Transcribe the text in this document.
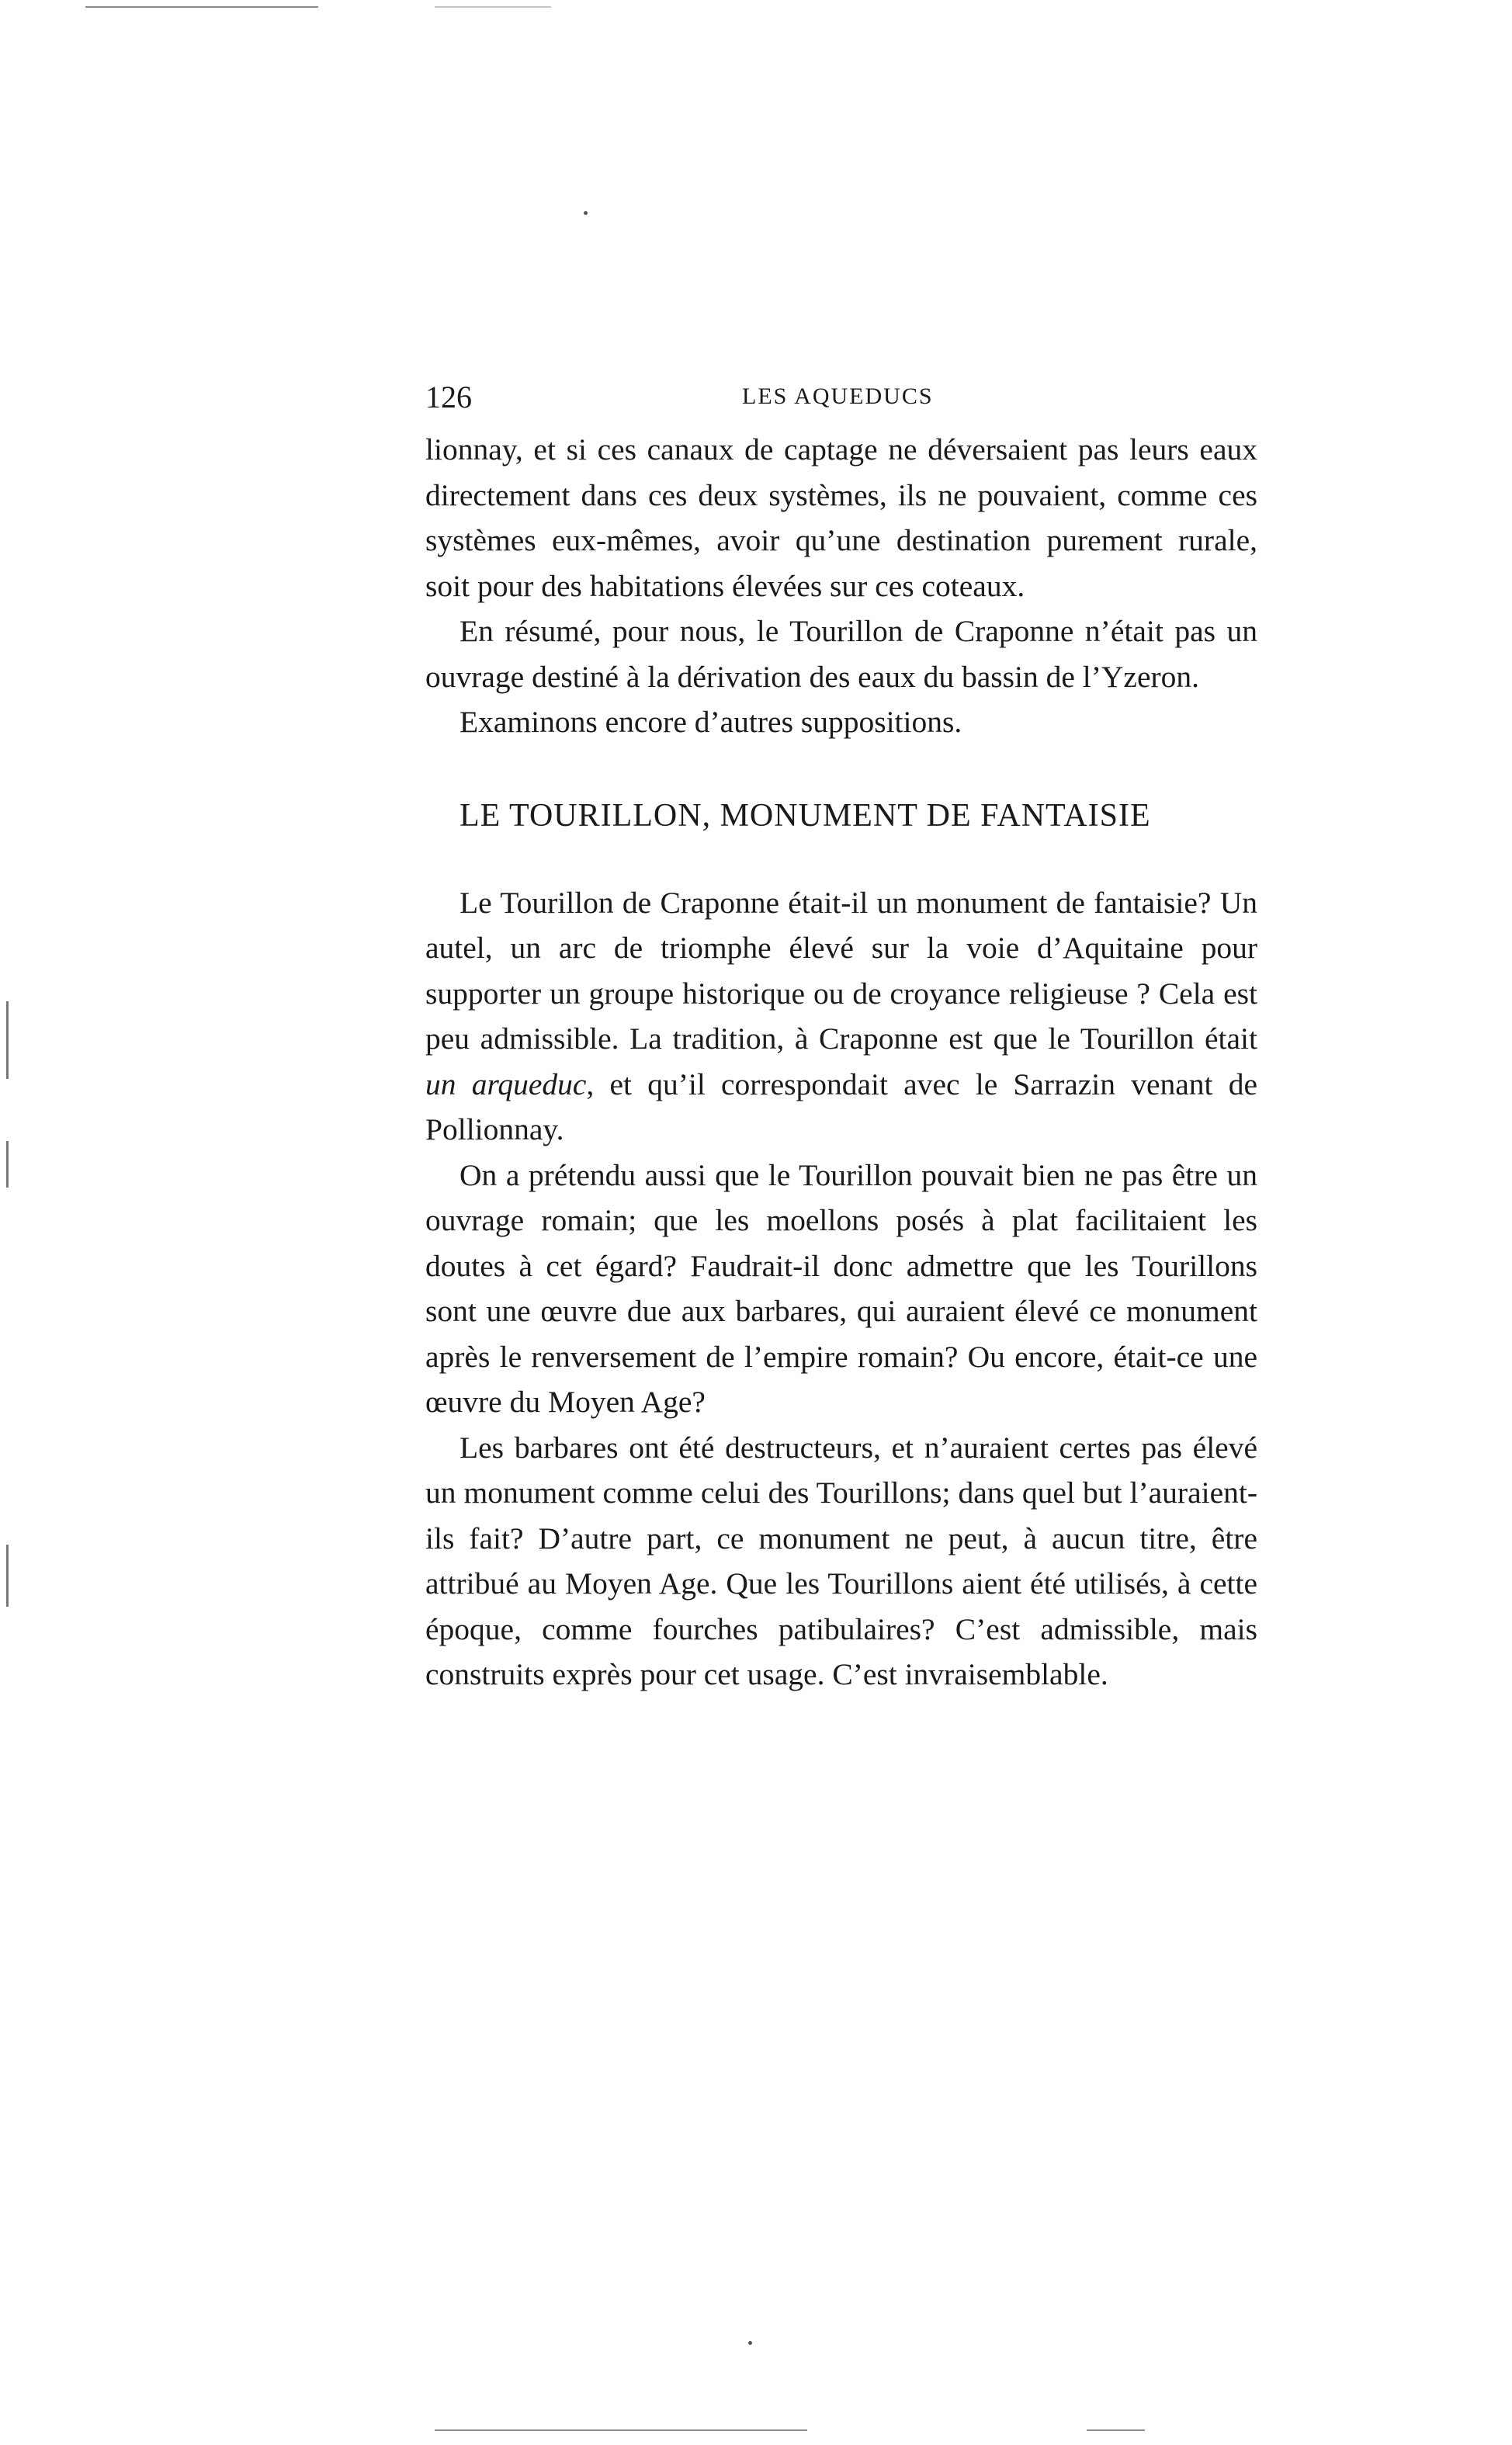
126	LES AQUEDUCS

lionnay, et si ces canaux de captage ne déversaient pas leurs eaux directement dans ces deux systèmes, ils ne pouvaient, comme ces systèmes eux-mêmes, avoir qu’une destination purement rurale, soit pour des habitations élevées sur ces coteaux.

En résumé, pour nous, le Tourillon de Craponne n’était pas un ouvrage destiné à la dérivation des eaux du bassin de l’Yzeron.

Examinons encore d’autres suppositions.

LE TOURILLON, MONUMENT DE FANTAISIE

Le Tourillon de Craponne était-il un monument de fantaisie? Un autel, un arc de triomphe élevé sur la voie d’Aquitaine pour supporter un groupe historique ou de croyance religieuse ? Cela est peu admissible. La tradition, à Craponne est que le Tourillon était un arqueduc, et qu’il correspondait avec le Sarrazin venant de Pollionnay.

On a prétendu aussi que le Tourillon pouvait bien ne pas être un ouvrage romain; que les moellons posés à plat facilitaient les doutes à cet égard? Faudrait-il donc admettre que les Tourillons sont une œuvre due aux barbares, qui auraient élevé ce monument après le renversement de l’empire romain? Ou encore, était-ce une œuvre du Moyen Age?

Les barbares ont été destructeurs, et n’auraient certes pas élevé un monument comme celui des Tourillons; dans quel but l’auraient-ils fait? D’autre part, ce monument ne peut, à aucun titre, être attribué au Moyen Age. Que les Tourillons aient été utilisés, à cette époque, comme fourches patibulaires? C’est admissible, mais construits exprès pour cet usage. C’est invraisemblable.
